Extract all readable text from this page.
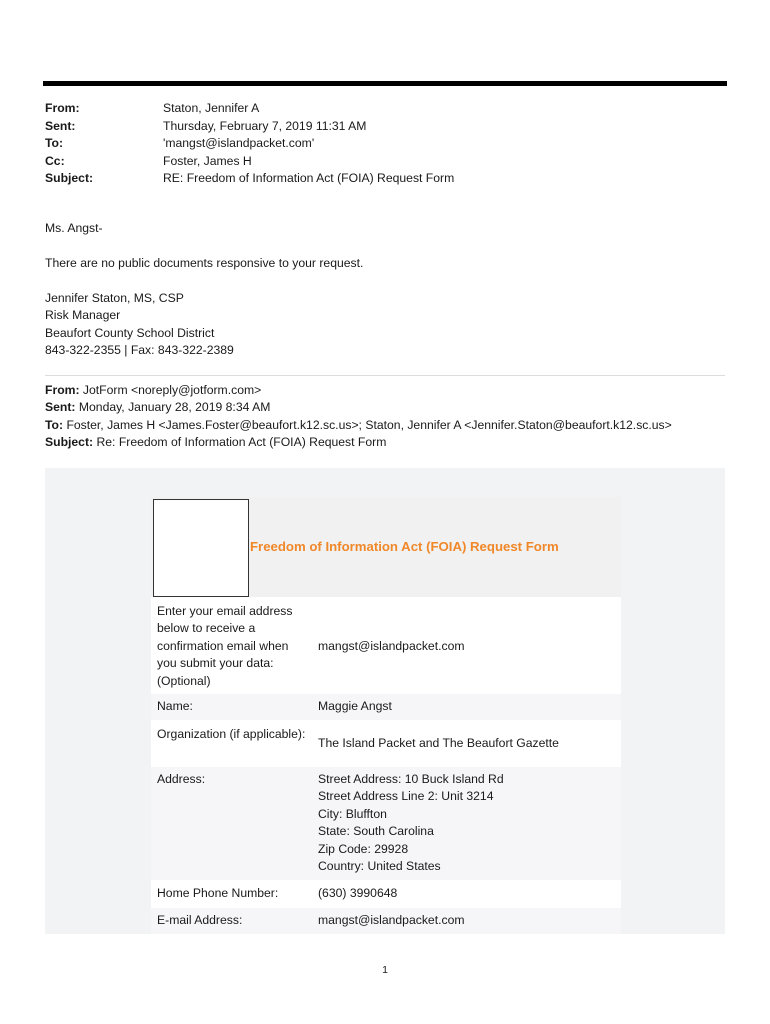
From:	Staton, Jennifer A
Sent:	Thursday, February 7, 2019 11:31 AM
To:	'mangst@islandpacket.com'
Cc:	Foster, James H
Subject:	RE: Freedom of Information Act (FOIA) Request Form
Ms. Angst-
There are no public documents responsive to your request.
Jennifer Staton, MS, CSP
Risk Manager
Beaufort County School District
843-322-2355 | Fax: 843-322-2389
From: JotForm <noreply@jotform.com>
Sent: Monday, January 28, 2019 8:34 AM
To: Foster, James H <James.Foster@beaufort.k12.sc.us>; Staton, Jennifer A <Jennifer.Staton@beaufort.k12.sc.us>
Subject: Re: Freedom of Information Act (FOIA) Request Form
Freedom of Information Act (FOIA) Request Form
Enter your email address below to receive a confirmation email when you submit your data: (Optional)
mangst@islandpacket.com
Name:	Maggie Angst
Organization (if applicable):
The Island Packet and The Beaufort Gazette
Address:	Street Address: 10 Buck Island Rd
Street Address Line 2: Unit 3214
City: Bluffton
State: South Carolina
Zip Code: 29928
Country: United States
Home Phone Number:	(630) 3990648
E-mail Address:	mangst@islandpacket.com
1
